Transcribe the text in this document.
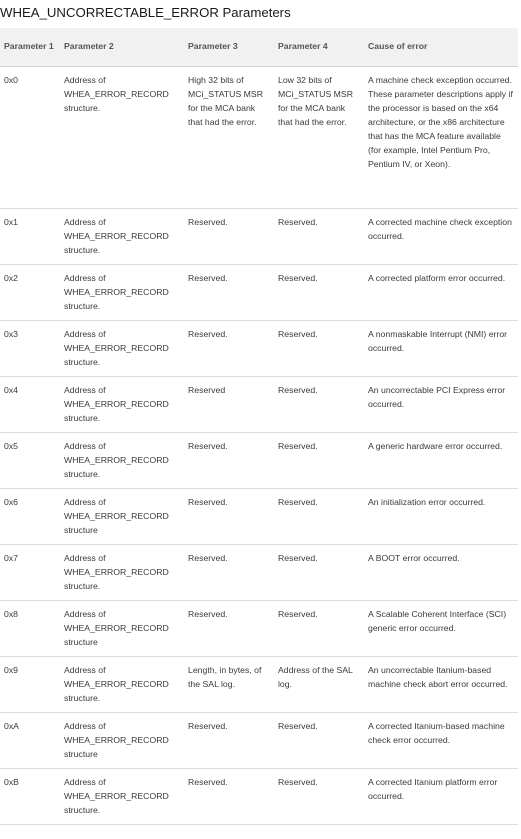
WHEA_UNCORRECTABLE_ERROR Parameters
Parameter 1	Parameter 2	Parameter 3	Parameter 4	Cause of error
0x0	Address of WHEA_ERROR_RECORD structure.	High 32 bits of MCi_STATUS MSR for the MCA bank that had the error.	Low 32 bits of MCi_STATUS MSR for the MCA bank that had the error.	A machine check exception occurred.
These parameter descriptions apply if the processor is based on the x64 architecture, or the x86 architecture that has the MCA feature available (for example, Intel Pentium Pro, Pentium IV, or Xeon).
0x1	Address of WHEA_ERROR_RECORD structure.	Reserved.	Reserved.	A corrected machine check exception occurred.
0x2	Address of WHEA_ERROR_RECORD structure.	Reserved.	Reserved.	A corrected platform error occurred.
0x3	Address of WHEA_ERROR_RECORD structure.	Reserved.	Reserved.	A nonmaskable Interrupt (NMI) error occurred.
0x4	Address of WHEA_ERROR_RECORD structure.	Reserved	Reserved.	An uncorrectable PCI Express error occurred.
0x5	Address of WHEA_ERROR_RECORD structure.	Reserved.	Reserved.	A generic hardware error occurred.
0x6	Address of WHEA_ERROR_RECORD structure	Reserved.	Reserved.	An initialization error occurred.
0x7	Address of WHEA_ERROR_RECORD structure.	Reserved.	Reserved.	A BOOT error occurred.
0x8	Address of WHEA_ERROR_RECORD structure	Reserved.	Reserved.	A Scalable Coherent Interface (SCI) generic error occurred.
0x9	Address of WHEA_ERROR_RECORD structure.	Length, in bytes, of the SAL log.	Address of the SAL log.	An uncorrectable Itanium-based machine check abort error occurred.
0xA	Address of WHEA_ERROR_RECORD structure	Reserved.	Reserved.	A corrected Itanium-based machine check error occurred.
0xB	Address of WHEA_ERROR_RECORD structure.	Reserved.	Reserved.	A corrected Itanium platform error occurred.
